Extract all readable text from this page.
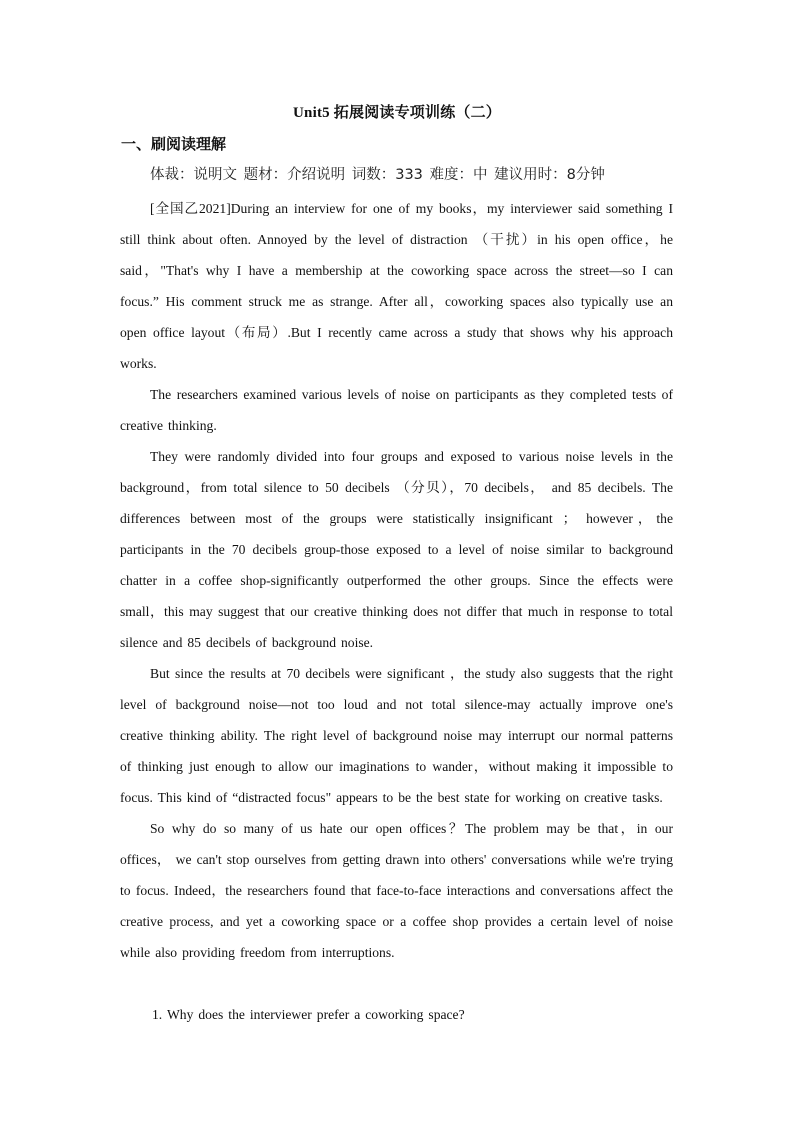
Unit5 拓展阅读专项训练（二）
一、刷阅读理解
体裁：说明文 题材：介绍说明 词数：333 难度：中 建议用时：8分钟

[全国乙2021]During an interview for one of my books，my interviewer said something I still think about often. Annoyed by the level of distraction （干扰）in his open office，he said，"That's why I have a membership at the coworking space across the street—so I can focus.” His comment struck me as strange. After all，coworking spaces also typically use an open office layout（布局）.But I recently came across a study that shows why his approach works.

The researchers examined various levels of noise on participants as they completed tests of creative thinking.

They were randomly divided into four groups and exposed to various noise levels in the background，from total silence to 50 decibels （分贝），70 decibels， and 85 decibels. The differences between most of the groups were statistically insignificant ； however，the participants in the 70 decibels group-those exposed to a level of noise similar to background chatter in a coffee shop-significantly outperformed the other groups. Since the effects were small，this may suggest that our creative thinking does not differ that much in response to total silence and 85 decibels of background noise.

But since the results at 70 decibels were significant ，the study also suggests that the right level of background noise—not too loud and not total silence-may actually improve one's creative thinking ability. The right level of background noise may interrupt our normal patterns of thinking just enough to allow our imaginations to wander，without making it impossible to focus. This kind of “distracted focus" appears to be the best state for working on creative tasks.

So why do so many of us hate our open offices？The problem may be that，in our offices， we can't stop ourselves from getting drawn into others' conversations while we're trying to focus. Indeed，the researchers found that face-to-face interactions and conversations affect the creative process, and yet a coworking space or a coffee shop provides a certain level of noise while also providing freedom from interruptions.

1. Why does the interviewer prefer a coworking space?
